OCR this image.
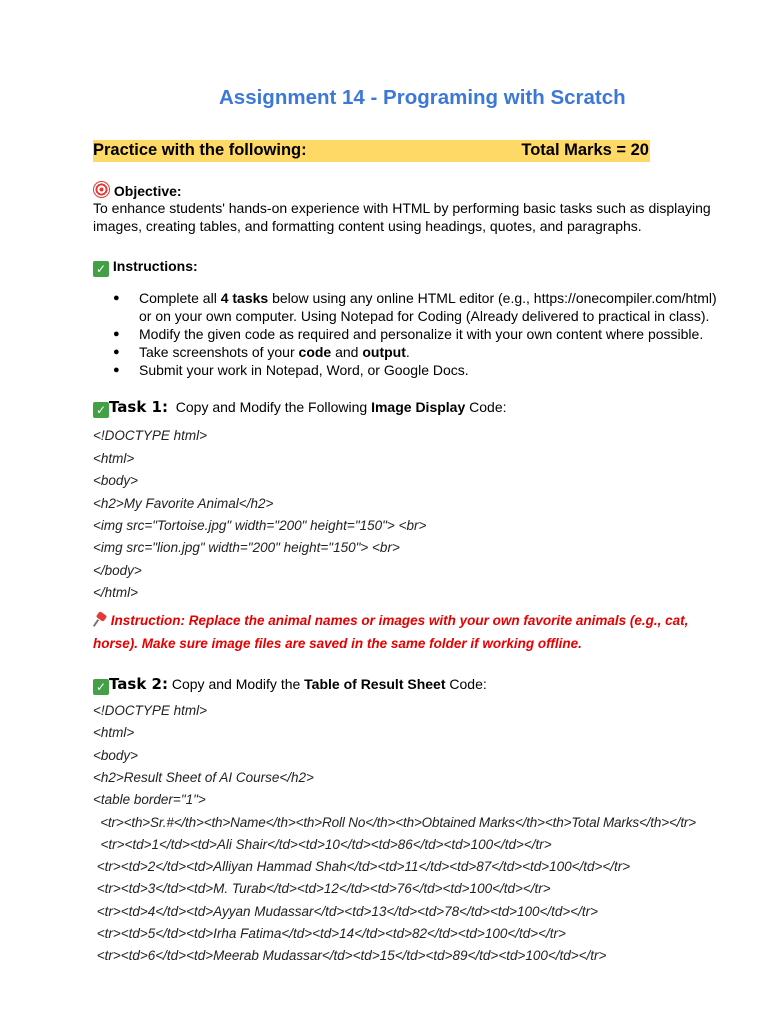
Assignment 14 - Programing with Scratch
Practice with the following:	Total Marks = 20
Objective:
To enhance students' hands-on experience with HTML by performing basic tasks such as displaying
images, creating tables, and formatting content using headings, quotes, and paragraphs.
✓ Instructions:
● Complete all 4 tasks below using any online HTML editor (e.g., https://onecompiler.com/html)
or on your own computer. Using Notepad for Coding (Already delivered to practical in class).
● Modify the given code as required and personalize it with your own content where possible.
● Take screenshots of your code and output.
● Submit your work in Notepad, Word, or Google Docs.
✓ Task 1: Copy and Modify the Following Image Display Code:
<!DOCTYPE html>
<html>
<body>
<h2>My Favorite Animal</h2>
<img src="Tortoise.jpg" width="200" height="150"> <br>
<img src="lion.jpg" width="200" height="150"> <br>
</body>
</html>
Instruction: Replace the animal names or images with your own favorite animals (e.g., cat,
horse). Make sure image files are saved in the same folder if working offline.
✓ Task 2: Copy and Modify the Table of Result Sheet Code:
<!DOCTYPE html>
<html>
<body>
<h2>Result Sheet of AI Course</h2>
<table border="1">
<tr><th>Sr.#</th><th>Name</th><th>Roll No</th><th>Obtained Marks</th><th>Total Marks</th></tr>
<tr><td>1</td><td>Ali Shair</td><td>10</td><td>86</td><td>100</td></tr>
<tr><td>2</td><td>Alliyan Hammad Shah</td><td>11</td><td>87</td><td>100</td></tr>
<tr><td>3</td><td>M. Turab</td><td>12</td><td>76</td><td>100</td></tr>
<tr><td>4</td><td>Ayyan Mudassar</td><td>13</td><td>78</td><td>100</td></tr>
<tr><td>5</td><td>Irha Fatima</td><td>14</td><td>82</td><td>100</td></tr>
<tr><td>6</td><td>Meerab Mudassar</td><td>15</td><td>89</td><td>100</td></tr>
